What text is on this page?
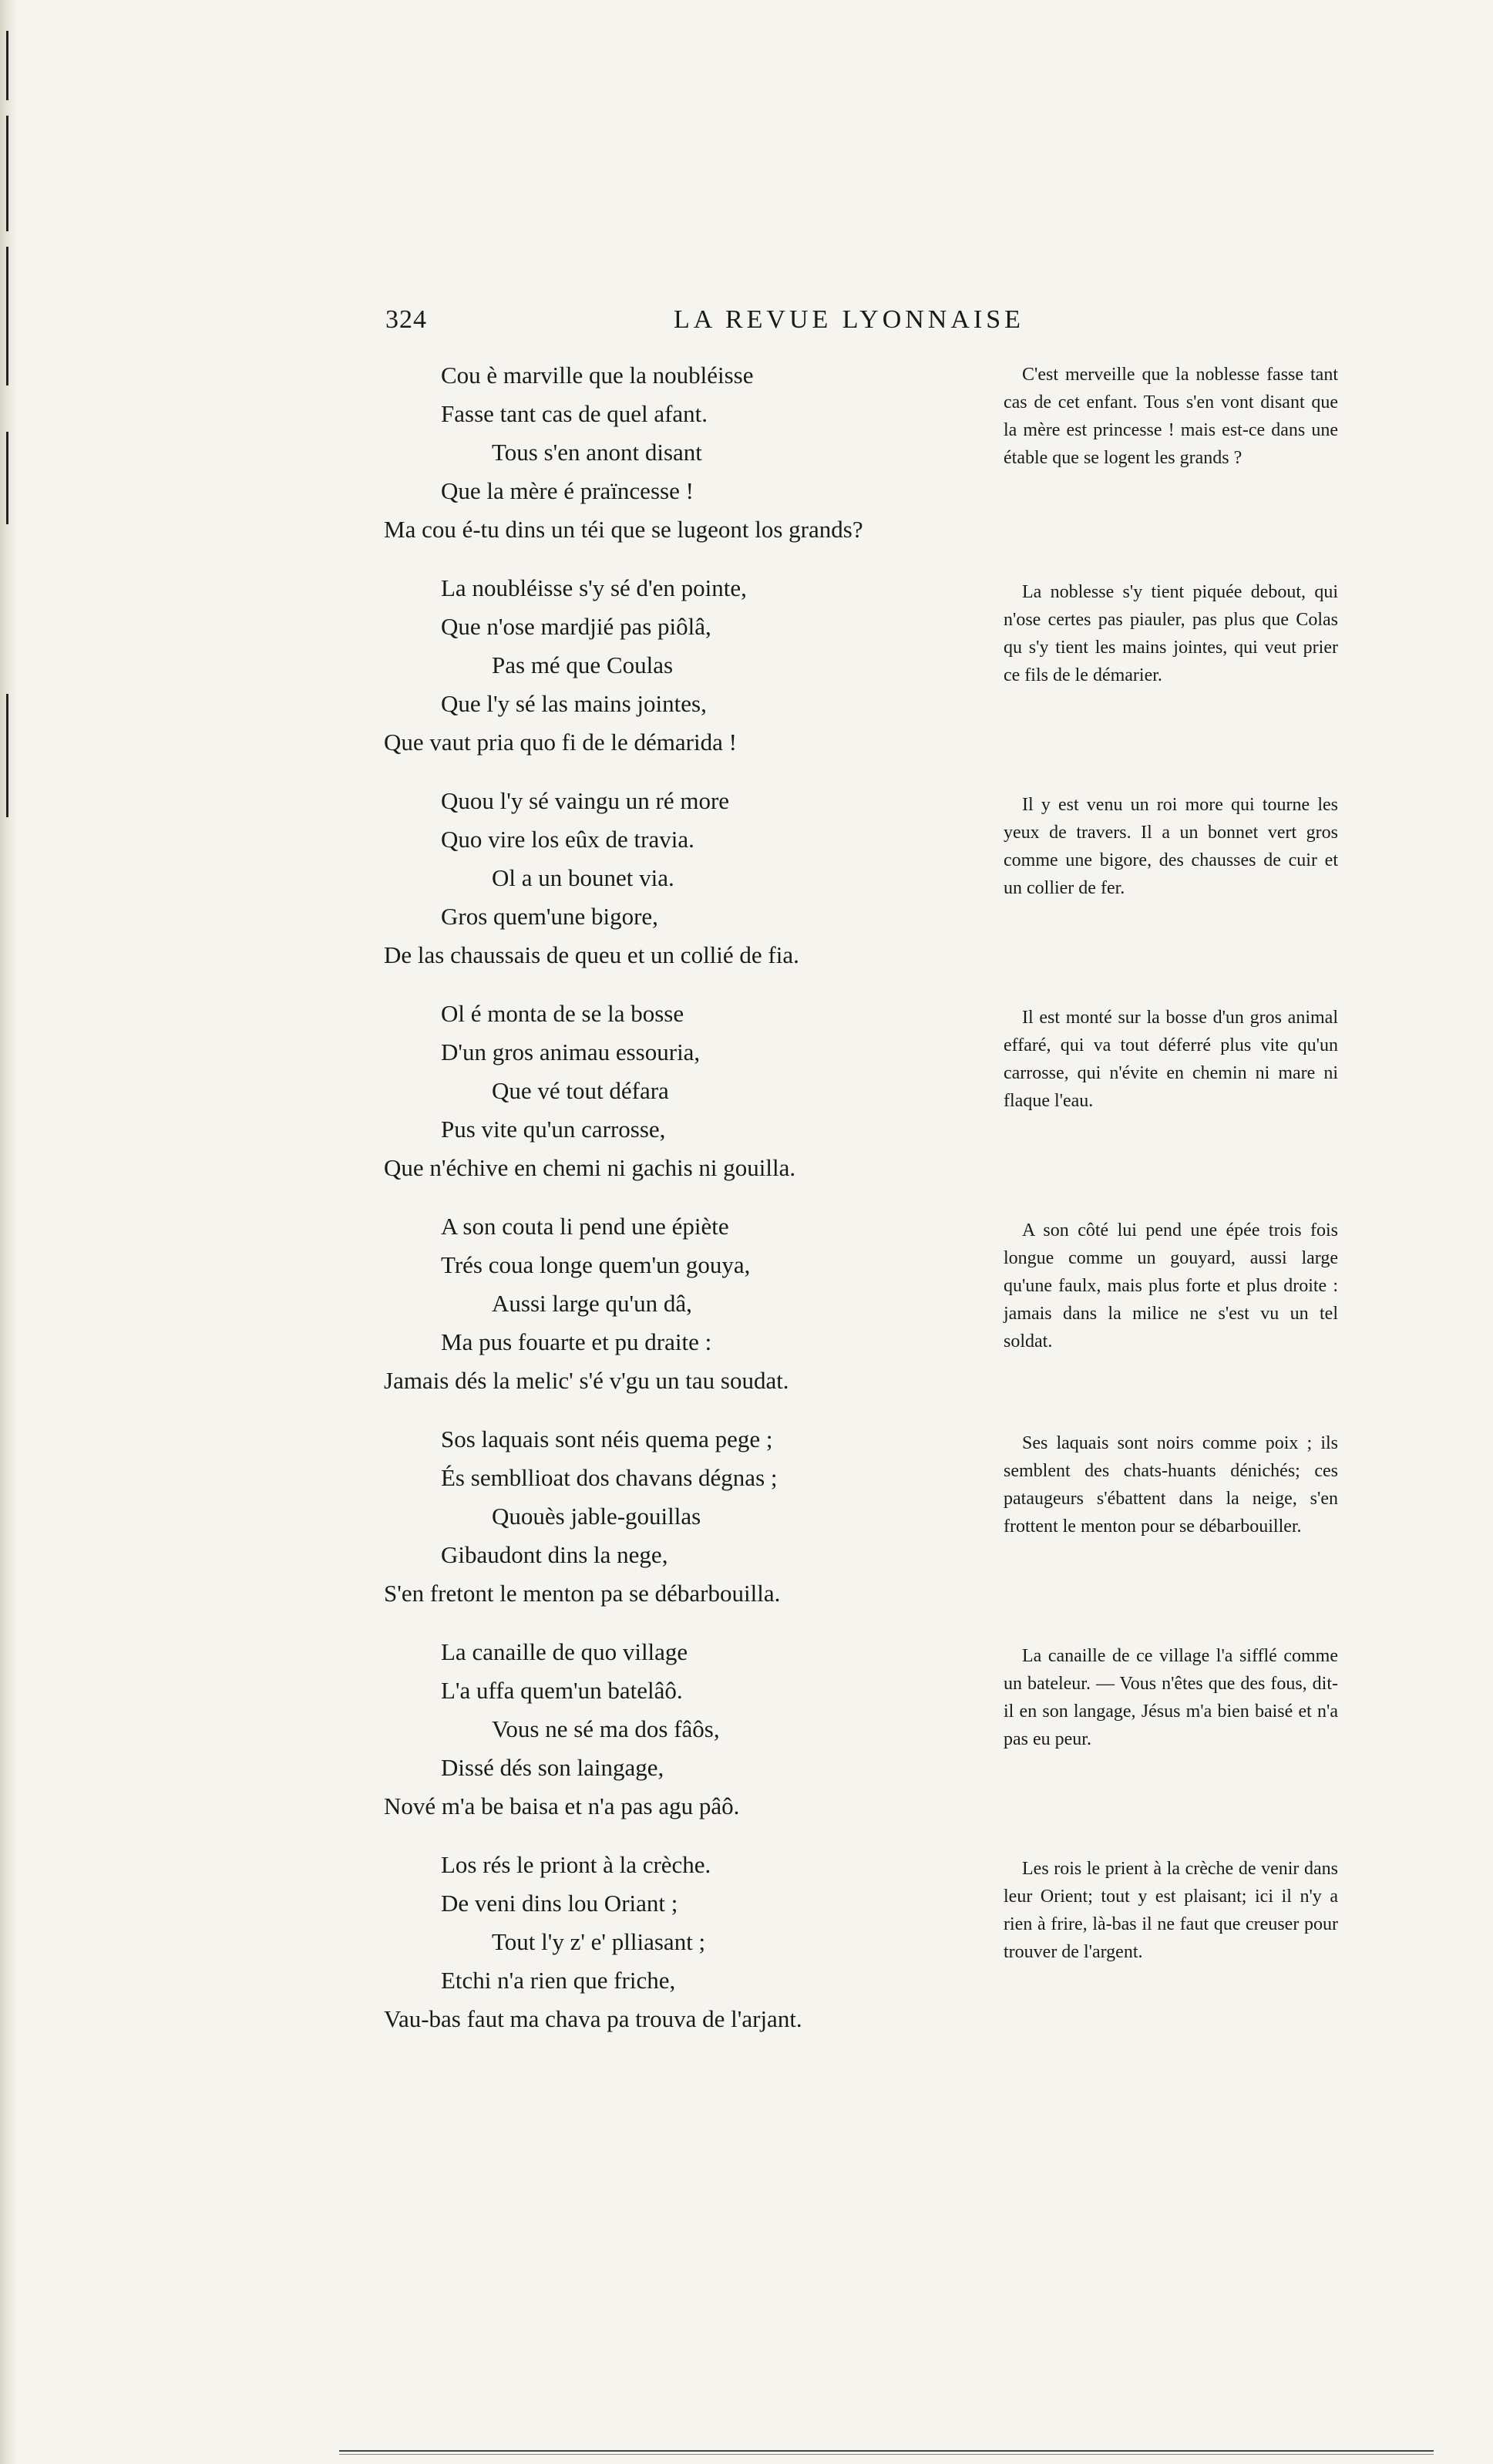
324	LA REVUE LYONNAISE
Cou è marville que la noubléisse
Fasse tant cas de quel afant.
Tous s'en anont disant
Que la mère é praïncesse !
Ma cou é-tu dins un téi que se lugeont los grands?
La noubléisse s'y sé d'en pointe,
Que n'ose mardjié pas piôlâ,
Pas mé que Coulas
Que l'y sé las mains jointes,
Que vaut pria quo fi de le démarida !
Quou l'y sé vaingu un ré more
Quo vire los eûx de travia.
Ol a un bounet via.
Gros quem'une bigore,
De las chaussais de queu et un collié de fia.
Ol é monta de se la bosse
D'un gros animau essouria,
Que vé tout défara
Pus vite qu'un carrosse,
Que n'échive en chemi ni gachis ni gouilla.
A son couta li pend une épiète
Trés coua longe quem'un gouya,
Aussi large qu'un dâ,
Ma pus fouarte et pu draite :
Jamais dés la melic' s'é v'gu un tau soudat.
Sos laquais sont néis quema pege ;
És sembllioat dos chavans dégnas ;
Quouès jable-gouillas
Gibaudont dins la nege,
S'en fretont le menton pa se débarbouilla.
La canaille de quo village
L'a uffa quem'un batelâô.
Vous ne sé ma dos fâôs,
Dissé dés son laingage,
Nové m'a be baisa et n'a pas agu pâô.
Los rés le priont à la crèche.
De veni dins lou Oriant ;
Tout l'y z' e' plliasant ;
Etchi n'a rien que friche,
Vau-bas faut ma chava pa trouva de l'arjant.

C'est merveille que la noblesse fasse tant cas de cet enfant. Tous s'en vont disant que la mère est princesse ! mais est-ce dans une étable que se logent les grands ?

La noblesse s'y tient piquée debout, qui n'ose certes pas piauler, pas plus que Colas qu s'y tient les mains jointes, qui veut prier ce fils de le démarier.

Il y est venu un roi more qui tourne les yeux de travers. Il a un bonnet vert gros comme une bigore, des chausses de cuir et un collier de fer.

Il est monté sur la bosse d'un gros animal effaré, qui va tout déferré plus vite qu'un carrosse, qui n'évite en chemin ni mare ni flaque l'eau.

A son côté lui pend une épée trois fois longue comme un gouyard, aussi large qu'une faulx, mais plus forte et plus droite : jamais dans la milice ne s'est vu un tel soldat.

Ses laquais sont noirs comme poix ; ils semblent des chats-huants dénichés; ces pataugeurs s'ébattent dans la neige, s'en frottent le menton pour se débarbouiller.

La canaille de ce village l'a sifflé comme un bateleur. — Vous n'êtes que des fous, dit-il en son langage, Jésus m'a bien baisé et n'a pas eu peur.

Les rois le prient à la crèche de venir dans leur Orient; tout y est plaisant; ici il n'y a rien à frire, là-bas il ne faut que creuser pour trouver de l'argent.
